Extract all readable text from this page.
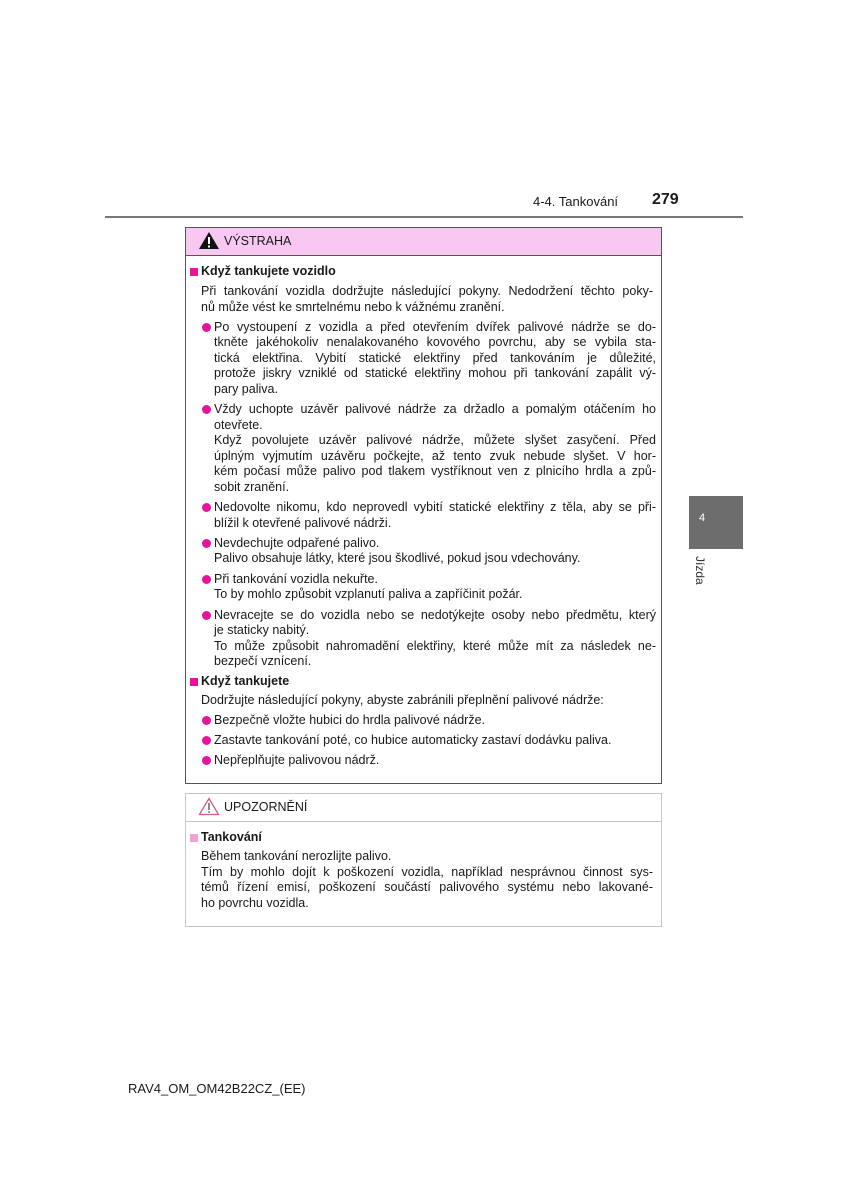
4-4. Tankování 279
4
Jízda
VÝSTRAHA
Když tankujete vozidlo
Při tankování vozidla dodržujte následující pokyny. Nedodržení těchto poky-
nů může vést ke smrtelnému nebo k vážnému zranění.
Po vystoupení z vozidla a před otevřením dvířek palivové nádrže se do-
tkněte jakéhokoliv nenalakovaného kovového povrchu, aby se vybila sta-
tická elektřina. Vybití statické elektřiny před tankováním je důležité,
protože jiskry vzniklé od statické elektřiny mohou při tankování zapálit vý-
pary paliva.
Vždy uchopte uzávěr palivové nádrže za držadlo a pomalým otáčením ho
otevřete.
Když povolujete uzávěr palivové nádrže, můžete slyšet zasyčení. Před
úplným vyjmutím uzávěru počkejte, až tento zvuk nebude slyšet. V hor-
kém počasí může palivo pod tlakem vystříknout ven z plnicího hrdla a způ-
sobit zranění.
Nedovolte nikomu, kdo neprovedl vybití statické elektřiny z těla, aby se při-
blížil k otevřené palivové nádrži.
Nevdechujte odpařené palivo.
Palivo obsahuje látky, které jsou škodlivé, pokud jsou vdechovány.
Při tankování vozidla nekuřte.
To by mohlo způsobit vzplanutí paliva a zapříčinit požár.
Nevracejte se do vozidla nebo se nedotýkejte osoby nebo předmětu, který
je staticky nabitý.
To může způsobit nahromadění elektřiny, které může mít za následek ne-
bezpečí vznícení.
Když tankujete
Dodržujte následující pokyny, abyste zabránili přeplnění palivové nádrže:
Bezpečně vložte hubici do hrdla palivové nádrže.
Zastavte tankování poté, co hubice automaticky zastaví dodávku paliva.
Nepřeplňujte palivovou nádrž.
UPOZORNĚNÍ
Tankování
Během tankování nerozlijte palivo.
Tím by mohlo dojít k poškození vozidla, například nesprávnou činnost sys-
témů řízení emisí, poškození součástí palivového systému nebo lakované-
ho povrchu vozidla.
RAV4_OM_OM42B22CZ_(EE)
